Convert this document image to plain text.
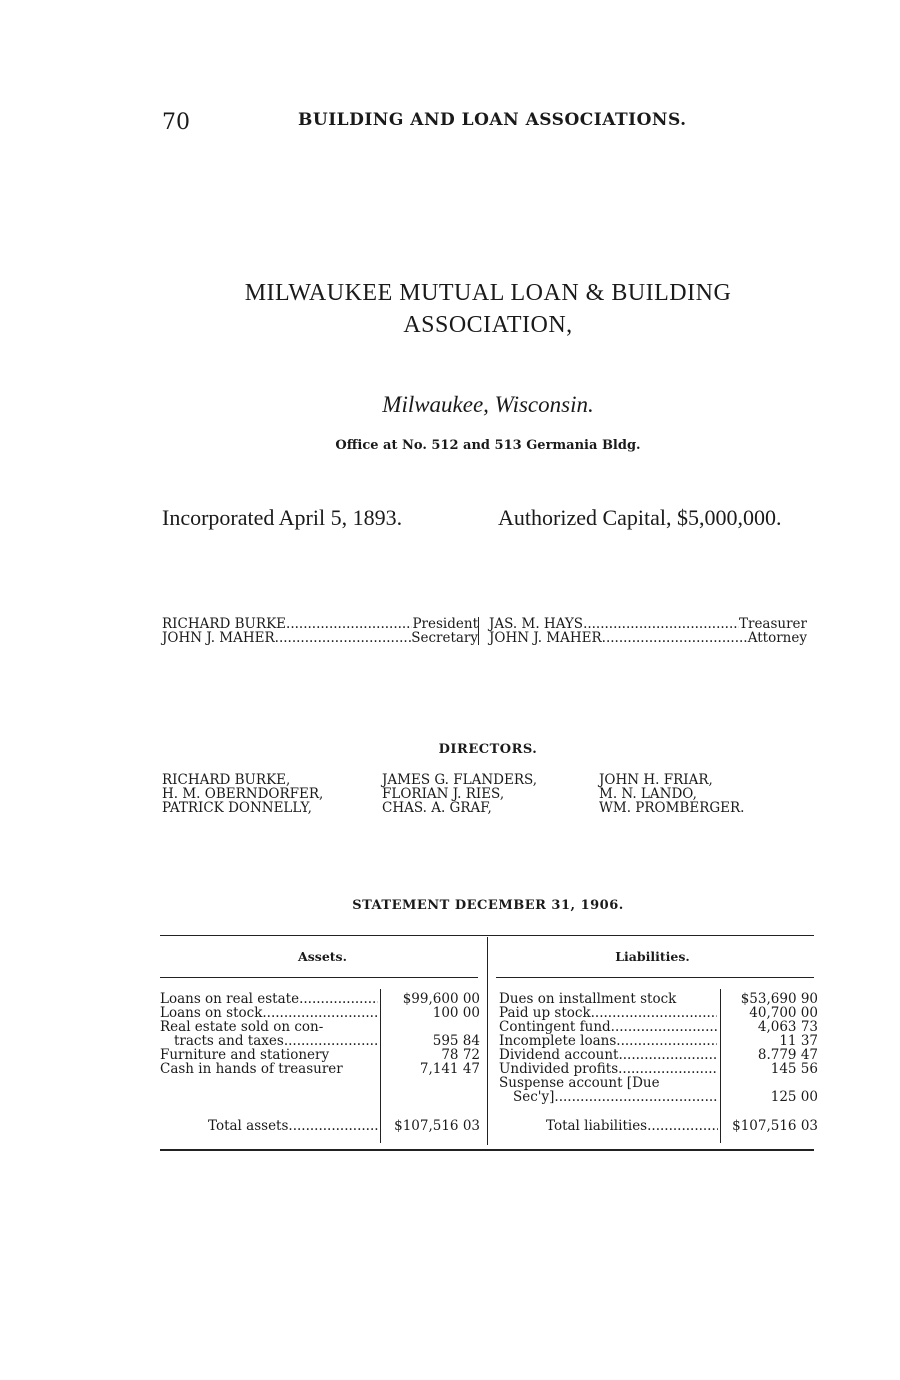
70	BUILDING AND LOAN ASSOCIATIONS.
MILWAUKEE MUTUAL LOAN & BUILDING
ASSOCIATION,
Milwaukee, Wisconsin.
Office at No. 512 and 513 Germania Bldg.
Incorporated April 5, 1893.	Authorized Capital, $5,000,000.
RICHARD BURKE .....	President JAS. M. HAYS .....	Treasurer
JOHN J. MAHER .....	Secretary JOHN J. MAHER .....	Attorney
DIRECTORS.
RICHARD BURKE,
H. M. OBERNDORFER,
PATRICK DONNELLY,
JAMES G. FLANDERS,
FLORIAN J. RIES,
CHAS. A. GRAF,
JOHN H. FRIAR,
M. N. LANDO,
WM. PROMBERGER.
STATEMENT DECEMBER 31, 1906.
Assets.	Liabilities.
Loans on real estate .....	$99,600 00
Loans on stock .....	100 00
Real estate sold on con-
tracts and taxes .....	595 84
Furniture and stationery	78 72
Cash in hands of treasurer	7,141 47
Dues on installment stock	$53,690 90
Paid up stock .....	40,700 00
Contingent fund .....	4,063 73
Incomplete loans .....	11 37
Dividend account .....	8.779 47
Undivided profits .....	145 56
Suspense account [Due
Sec'y] .....	125 00
Total assets .....	$107,516 03	Total liabilities .....	$107,516 03
